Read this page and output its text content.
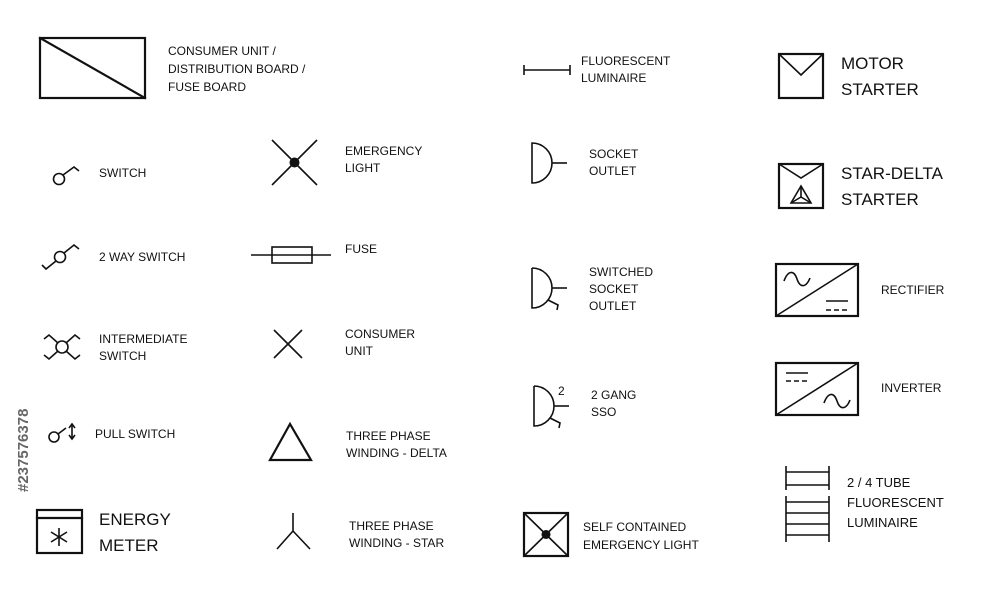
#237576378
CONSUMER UNIT / DISTRIBUTION BOARD / FUSE BOARD
SWITCH
2 WAY SWITCH
INTERMEDIATE SWITCH
PULL SWITCH
ENERGY METER
EMERGENCY LIGHT
FUSE
CONSUMER UNIT
THREE PHASE WINDING - DELTA
THREE PHASE WINDING - STAR
FLUORESCENT LUMINAIRE
SOCKET OUTLET
SWITCHED SOCKET OUTLET
2 2 GANG SSO
SELF CONTAINED EMERGENCY LIGHT
MOTOR STARTER
STAR-DELTA STARTER
RECTIFIER
INVERTER
2 / 4 TUBE FLUORESCENT LUMINAIRE
